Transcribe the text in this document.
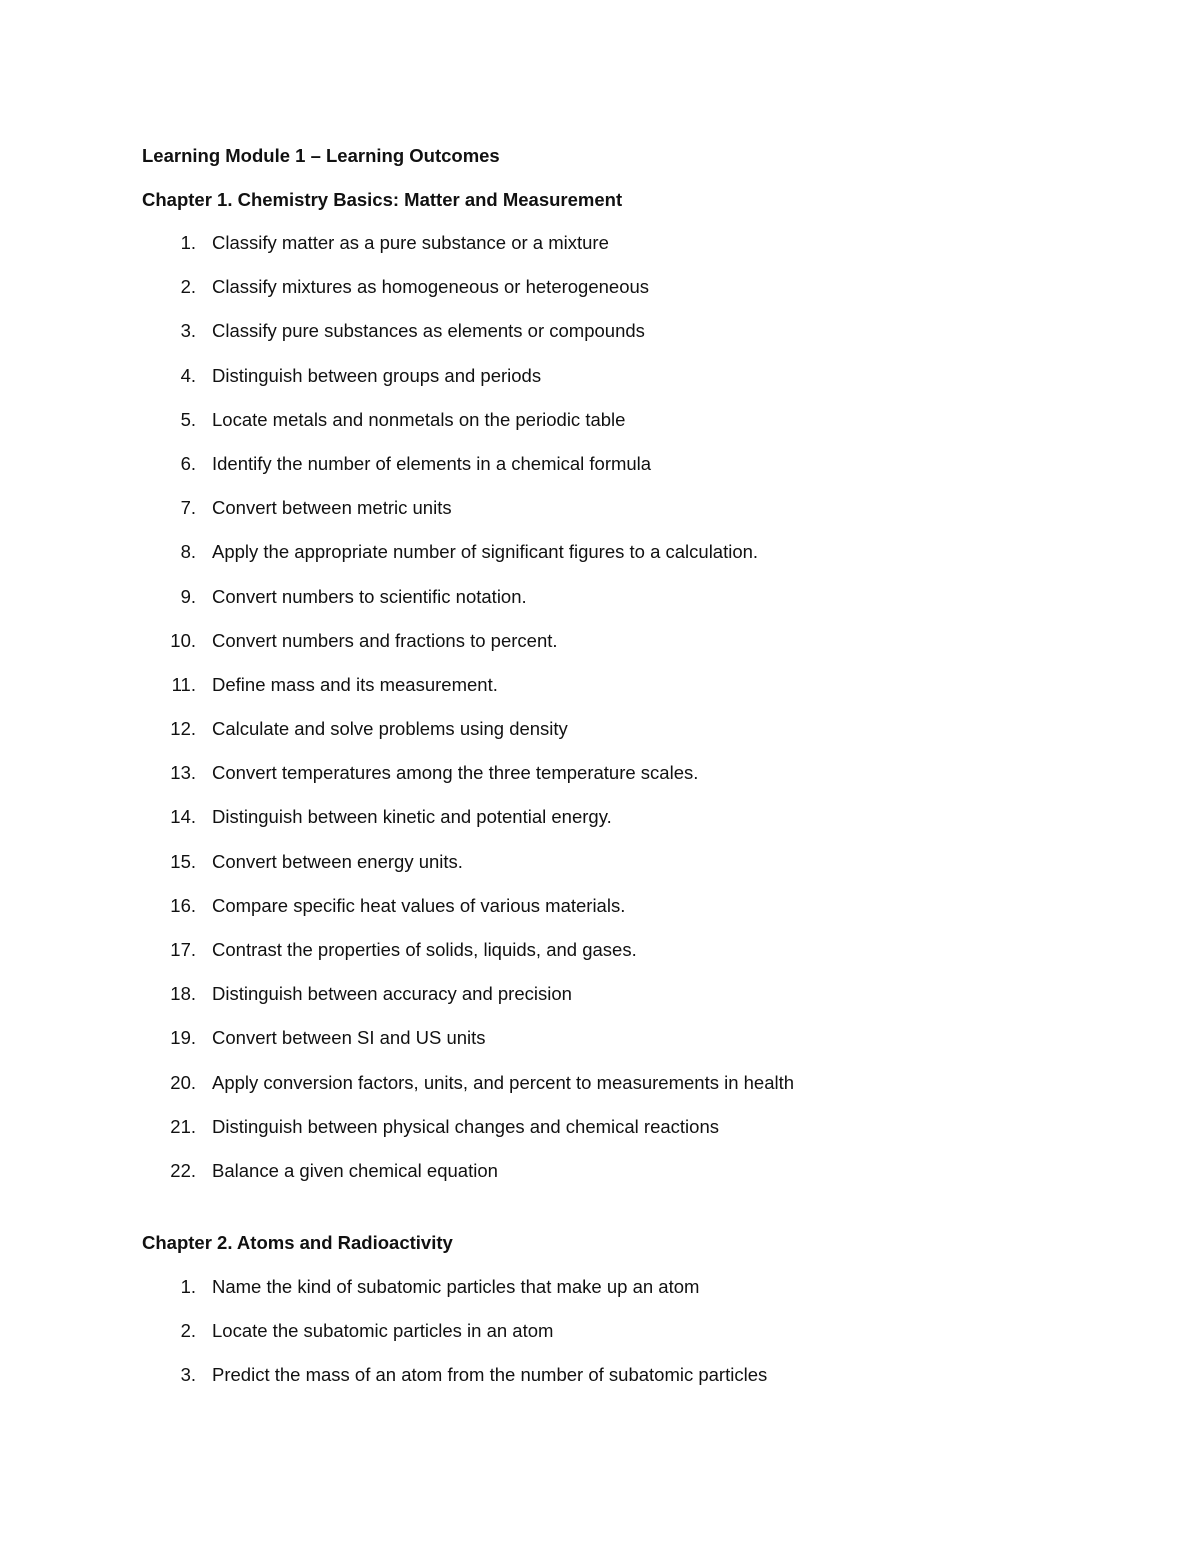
Learning Module 1 – Learning Outcomes
Chapter 1. Chemistry Basics: Matter and Measurement
1. Classify matter as a pure substance or a mixture
2. Classify mixtures as homogeneous or heterogeneous
3. Classify pure substances as elements or compounds
4. Distinguish between groups and periods
5. Locate metals and nonmetals on the periodic table
6. Identify the number of elements in a chemical formula
7. Convert between metric units
8. Apply the appropriate number of significant figures to a calculation.
9. Convert numbers to scientific notation.
10. Convert numbers and fractions to percent.
11. Define mass and its measurement.
12. Calculate and solve problems using density
13. Convert temperatures among the three temperature scales.
14. Distinguish between kinetic and potential energy.
15. Convert between energy units.
16. Compare specific heat values of various materials.
17. Contrast the properties of solids, liquids, and gases.
18. Distinguish between accuracy and precision
19. Convert between SI and US units
20. Apply conversion factors, units, and percent to measurements in health
21. Distinguish between physical changes and chemical reactions
22. Balance a given chemical equation
Chapter 2. Atoms and Radioactivity
1. Name the kind of subatomic particles that make up an atom
2. Locate the subatomic particles in an atom
3. Predict the mass of an atom from the number of subatomic particles
